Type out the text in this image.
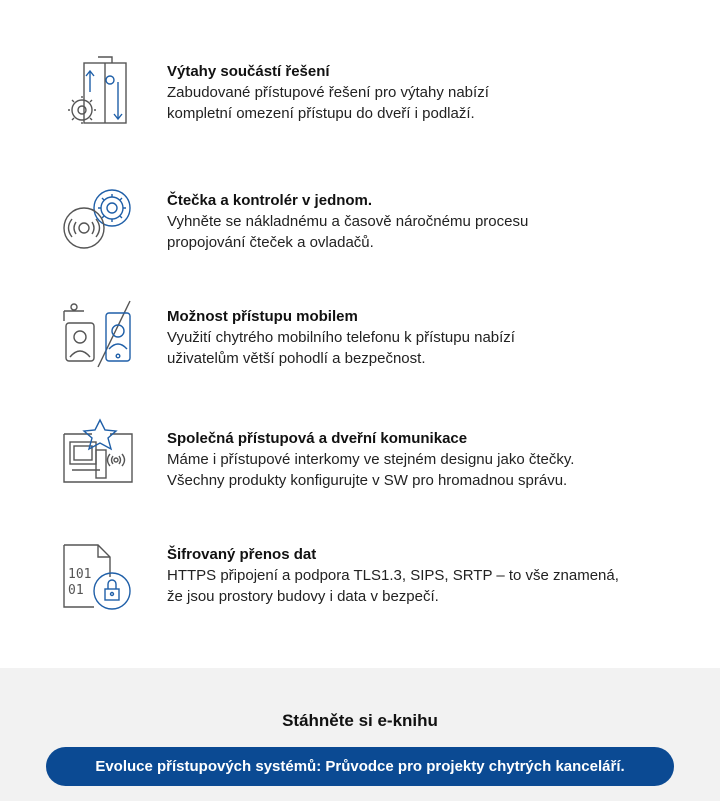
Výtahy součástí řešení

Zabudované přístupové řešení pro výtahy nabízí
kompletní omezení přístupu do dveří i podlaží.

Čtečka a kontrolér v jednom.

Vyhněte se nákladnému a časově náročnému procesu
propojování čteček a ovladačů.

Možnost přístupu mobilem

Využití chytrého mobilního telefonu k přístupu nabízí
uživatelům větší pohodlí a bezpečnost.

Společná přístupová a dveřní komunikace

Máme i přístupové interkomy ve stejném designu jako čtečky.
Všechny produkty konfigurujte v SW pro hromadnou správu.

101
01

Šifrovaný přenos dat

HTTPS připojení a podpora TLS1.3, SIPS, SRTP – to vše znamená,
že jsou prostory budovy i data v bezpečí.

Stáhněte si e-knihu
Evoluce přístupových systémů: Průvodce pro projekty chytrých kanceláří.
